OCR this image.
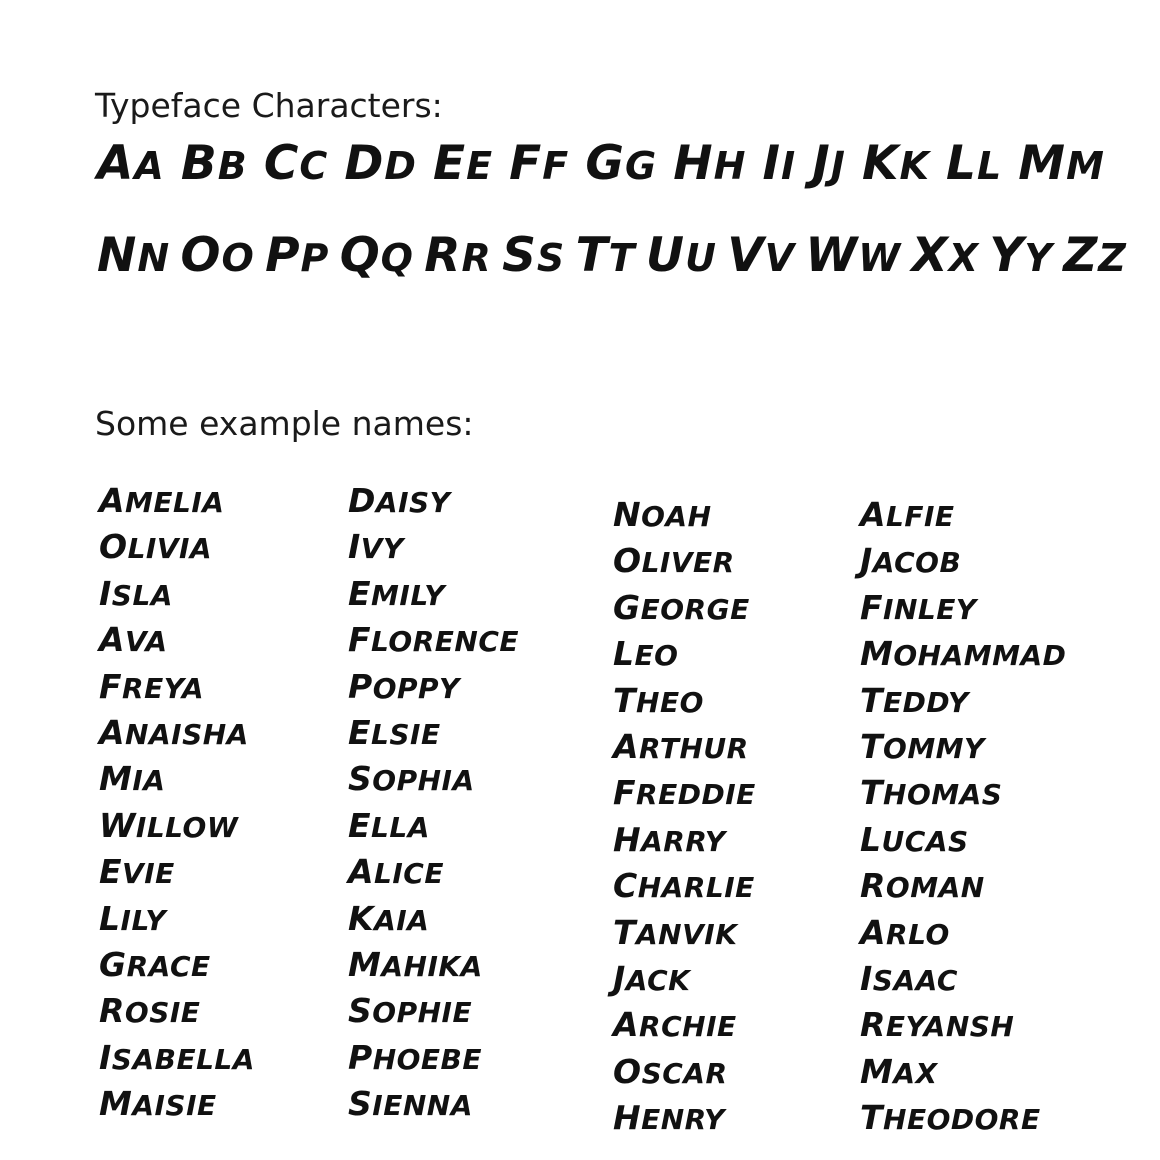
Typeface Characters:
AA BB CC DD EE FF GG HH II JJ KK LL MM
NN OO PP QQ RR SS TT UU VV WW XX YY ZZ
Some example names:
AMELIA
OLIVIA
ISLA
AVA
FREYA
ANAISHA
MIA
WILLOW
EVIE
LILY
GRACE
ROSIE
ISABELLA
MAISIE
DAISY
IVY
EMILY
FLORENCE
POPPY
ELSIE
SOPHIA
ELLA
ALICE
KAIA
MAHIKA
SOPHIE
PHOEBE
SIENNA
NOAH
OLIVER
GEORGE
LEO
THEO
ARTHUR
FREDDIE
HARRY
CHARLIE
TANVIK
JACK
ARCHIE
OSCAR
HENRY
ALFIE
JACOB
FINLEY
MOHAMMAD
TEDDY
TOMMY
THOMAS
LUCAS
ROMAN
ARLO
ISAAC
REYANSH
MAX
THEODORE
